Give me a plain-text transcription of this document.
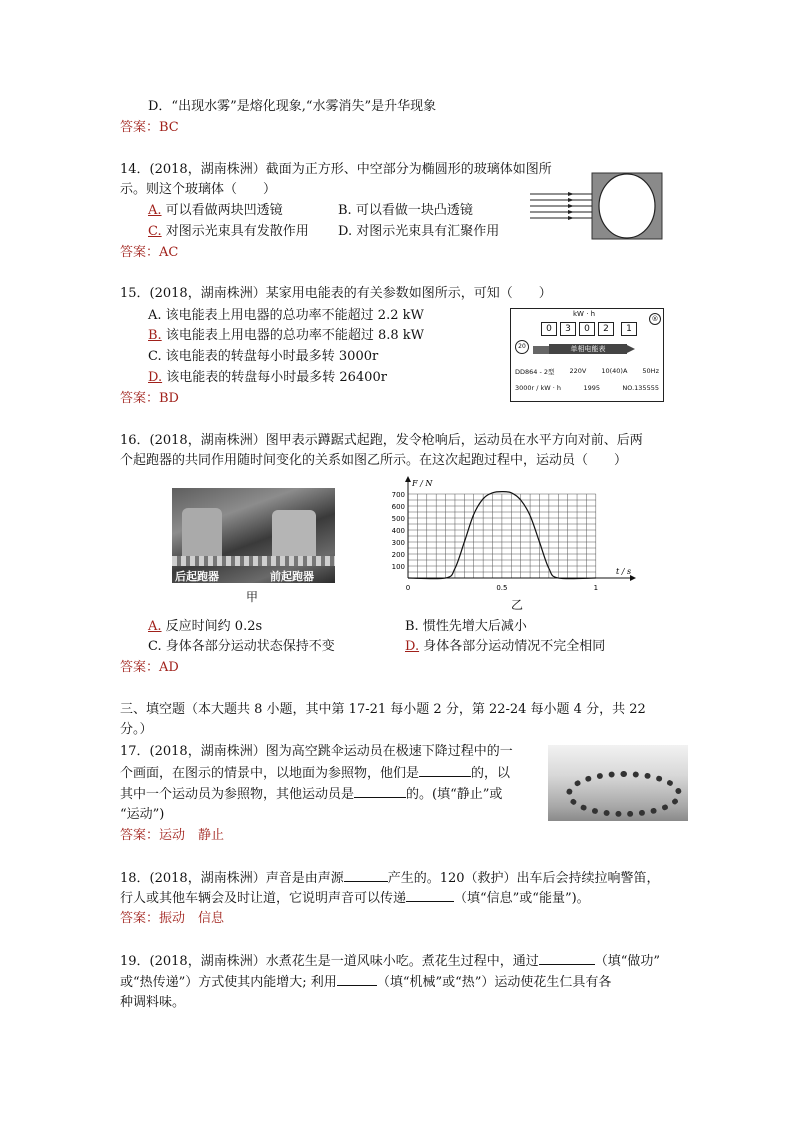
D．“出现水雾”是熔化现象,“水雾消失”是升华现象
答案：BC
14．(2018，湖南株洲）截面为正方形、中空部分为椭圆形的玻璃体如图所
示。则这个玻璃体（　　）
A. 可以看做两块凹透镜	B. 可以看做一块凸透镜
C. 对图示光束具有发散作用 D. 对图示光束具有汇聚作用
答案：AC
15．(2018，湖南株洲）某家用电能表的有关参数如图所示，可知（　　）
A. 该电能表上用电器的总功率不能超过 2.2 kW
B. 该电能表上用电器的总功率不能超过 8.8 kW
C. 该电能表的转盘每小时最多转 3000r
D. 该电能表的转盘每小时最多转 26400r
答案：BD
kW · h
®
0	3	0	2	1
20	单相电能表
DD864 - 2型 220V 10(40)A 50Hz
3000r / kW · h	1995	NO.135555
16．(2018，湖南株洲）图甲表示蹲踞式起跑，发令枪响后，运动员在水平方向对前、后两
个起跑器的共同作用随时间变化的关系如图乙所示。在这次起跑过程中，运动员（　　）
后起跑器	前起跑器
甲
100
200
300
400
500
600
700
0	0.5	1
F / N
t / s
乙
A. 反应时间约 0.2s	B. 惯性先增大后减小
C. 身体各部分运动状态保持不变	D. 身体各部分运动情况不完全相同
答案：AD
三、填空题（本大题共 8 小题，其中第 17-21 每小题 2 分，第 22-24 每小题 4 分，共 22
分。）
17．(2018，湖南株洲）图为高空跳伞运动员在极速下降过程中的一
个画面，在图示的情景中，以地面为参照物，他们是	的，以
其中一个运动员为参照物，其他运动员是	的。(填“静止”或
“运动”)
答案：运动　静止
18．(2018，湖南株洲）声音是由声源	产生的。120（救护）出车后会持续拉响警笛，
行人或其他车辆会及时让道，它说明声音可以传递	（填“信息”或“能量”)。
答案：振动　信息
19．(2018，湖南株洲）水煮花生是一道风味小吃。煮花生过程中，通过	（填“做功”
或“热传递”）方式使其内能增大; 利用	（填“机械”或“热”）运动使花生仁具有各
种调料味。
